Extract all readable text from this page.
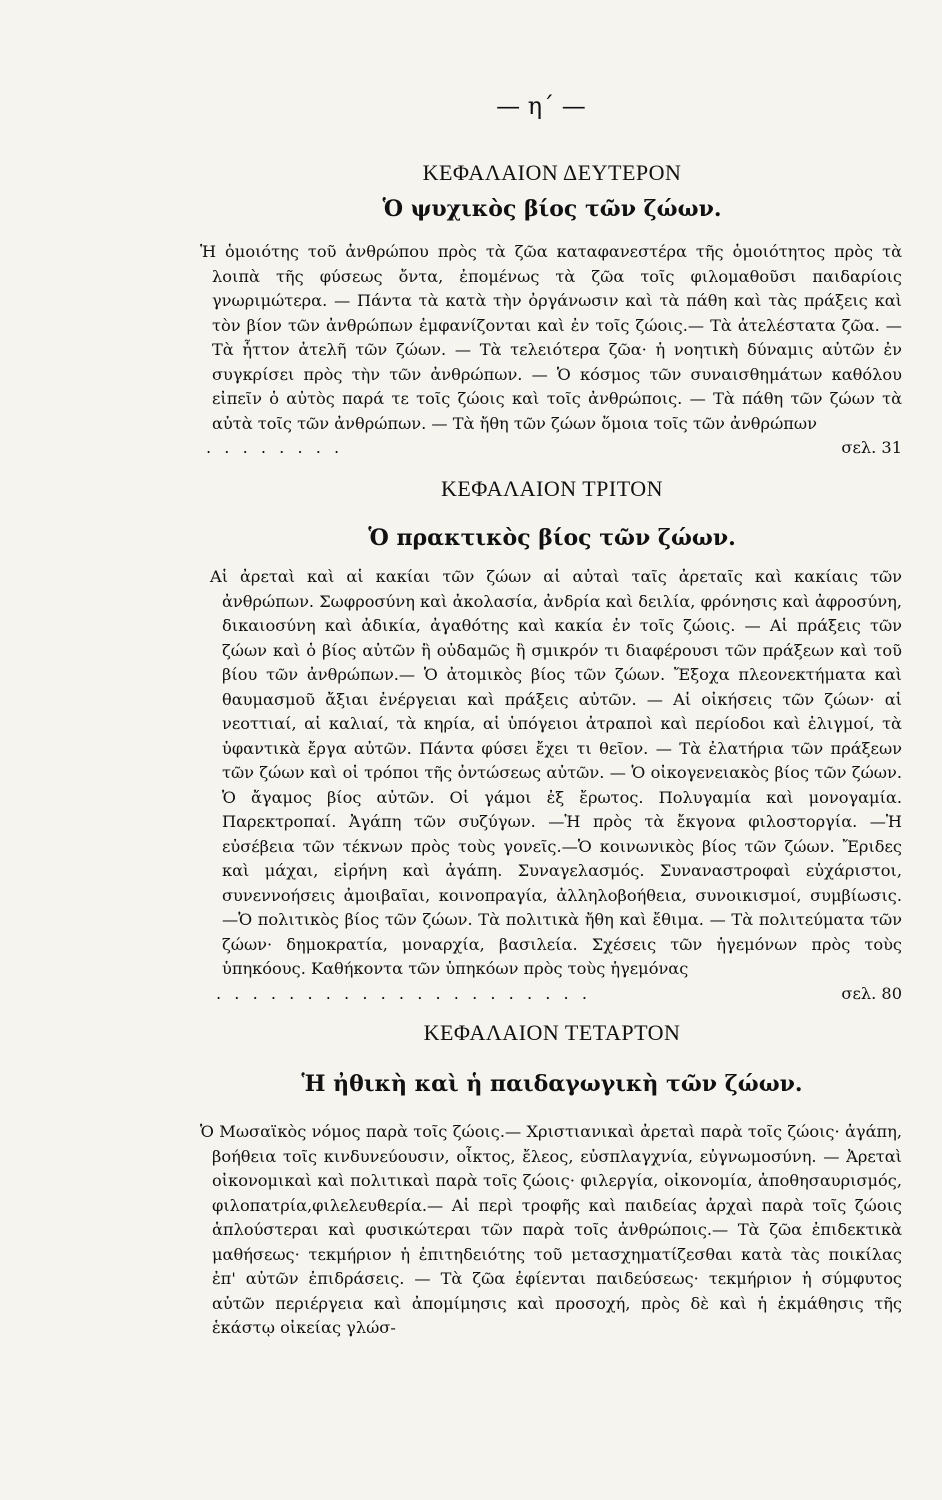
— η΄ —
ΚΕΦΑΛΑΙΟΝ ΔΕΥΤΕΡΟΝ
Ὁ ψυχικὸς βίος τῶν ζώων.

Ἡ ὁμοιότης τοῦ ἀνθρώπου πρὸς τὰ ζῶα καταφανεστέρα τῆς ὁμοιότητος πρὸς τὰ λοιπὰ τῆς φύσεως ὄντα, ἐπομένως τὰ ζῶα τοῖς φιλομαθοῦσι παιδαρίοις γνωριμώτερα. — Πάντα τὰ κατὰ τὴν ὀργάνωσιν καὶ τὰ πάθη καὶ τὰς πράξεις καὶ τὸν βίον τῶν ἀνθρώπων ἐμφανίζονται καὶ ἐν τοῖς ζώοις.— Τὰ ἀτελέστατα ζῶα. — Τὰ ἧττον ἀτελῆ τῶν ζώων. — Τὰ τελειότερα ζῶα· ἡ νοητικὴ δύναμις αὐτῶν ἐν συγκρίσει πρὸς τὴν τῶν ἀνθρώπων. — Ὁ κόσμος τῶν συναισθημάτων καθόλου εἰπεῖν ὁ αὐτὸς παρά τε τοῖς ζώοις καὶ τοῖς ἀνθρώποις. — Τὰ πάθη τῶν ζώων τὰ αὐτὰ τοῖς τῶν ἀνθρώπων. — Τὰ ἤθη τῶν ζώων ὅμοια τοῖς τῶν ἀνθρώπων

. . . . . . . .	σελ. 31
ΚΕΦΑΛΑΙΟΝ ΤΡΙΤΟΝ
Ὁ πρακτικὸς βίος τῶν ζώων.

Αἱ ἀρεταὶ καὶ αἱ κακίαι τῶν ζώων αἱ αὐταὶ ταῖς ἀρεταῖς καὶ κακίαις τῶν ἀνθρώπων. Σωφροσύνη καὶ ἀκολασία, ἀνδρία καὶ δειλία, φρόνησις καὶ ἀφροσύνη, δικαιοσύνη καὶ ἀδικία, ἀγαθότης καὶ κακία ἐν τοῖς ζώοις. — Αἱ πράξεις τῶν ζώων καὶ ὁ βίος αὐτῶν ἢ οὐδαμῶς ἢ σμικρόν τι διαφέρουσι τῶν πράξεων καὶ τοῦ βίου τῶν ἀνθρώπων.— Ὁ ἀτομικὸς βίος τῶν ζώων. Ἔξοχα πλεονεκτήματα καὶ θαυμασμοῦ ἄξιαι ἐνέργειαι καὶ πράξεις αὐτῶν. — Αἱ οἰκήσεις τῶν ζώων· αἱ νεοττιαί, αἱ καλιαί, τὰ κηρία, αἱ ὑπόγειοι ἀτραποὶ καὶ περίοδοι καὶ ἑλιγμοί, τὰ ὑφαντικὰ ἔργα αὐτῶν. Πάντα φύσει ἔχει τι θεῖον. — Τὰ ἐλατήρια τῶν πράξεων τῶν ζώων καὶ οἱ τρόποι τῆς ὀντώσεως αὐτῶν. — Ὁ οἰκογενειακὸς βίος τῶν ζώων. Ὁ ἄγαμος βίος αὐτῶν. Οἱ γάμοι ἐξ ἔρωτος. Πολυγαμία καὶ μονογαμία. Παρεκτροπαί. Ἀγάπη τῶν συζύγων. —Ἡ πρὸς τὰ ἔκγονα φιλοστοργία. —Ἡ εὐσέβεια τῶν τέκνων πρὸς τοὺς γονεῖς.—Ὁ κοινωνικὸς βίος τῶν ζώων. Ἔριδες καὶ μάχαι, εἰρήνη καὶ ἀγάπη. Συναγελασμός. Συναναστροφαὶ εὐχάριστοι, συνεννοήσεις ἀμοιβαῖαι, κοινοπραγία, ἀλληλοβοήθεια, συνοικισμοί, συμβίωσις. —Ὁ πολιτικὸς βίος τῶν ζώων. Τὰ πολιτικὰ ἤθη καὶ ἔθιμα. — Τὰ πολιτεύματα τῶν ζώων· δημοκρατία, μοναρχία, βασιλεία. Σχέσεις τῶν ἡγεμόνων πρὸς τοὺς ὑπηκόους. Καθήκοντα τῶν ὑπηκόων πρὸς τοὺς ἡγεμόνας

. . . . . . . . . . . . . . . . . . . . .	σελ. 80
ΚΕΦΑΛΑΙΟΝ ΤΕΤΑΡΤΟΝ
Ἡ ἠθικὴ καὶ ἡ παιδαγωγικὴ τῶν ζώων.

Ὁ Μωσαϊκὸς νόμος παρὰ τοῖς ζώοις.— Χριστιανικαὶ ἀρεταὶ παρὰ τοῖς ζώοις· ἀγάπη, βοήθεια τοῖς κινδυνεύουσιν, οἶκτος, ἔλεος, εὐσπλαγχνία, εὐγνωμοσύνη. — Ἀρεταὶ οἰκονομικαὶ καὶ πολιτικαὶ παρὰ τοῖς ζώοις· φιλεργία, οἰκονομία, ἀποθησαυρισμός, φιλοπατρία,φιλελευθερία.— Αἱ περὶ τροφῆς καὶ παιδείας ἀρχαὶ παρὰ τοῖς ζώοις ἁπλούστεραι καὶ φυσικώτεραι τῶν παρὰ τοῖς ἀνθρώποις.— Τὰ ζῶα ἐπιδεκτικὰ μαθήσεως· τεκμήριον ἡ ἐπιτηδειότης τοῦ μετασχηματίζεσθαι κατὰ τὰς ποικίλας ἐπ' αὐτῶν ἐπιδράσεις. — Τὰ ζῶα ἐφίενται παιδεύσεως· τεκμήριον ἡ σύμφυτος αὐτῶν περιέργεια καὶ ἀπομίμησις καὶ προσοχή, πρὸς δὲ καὶ ἡ ἐκμάθησις τῆς ἑκάστῳ οἰκείας γλώσ-
